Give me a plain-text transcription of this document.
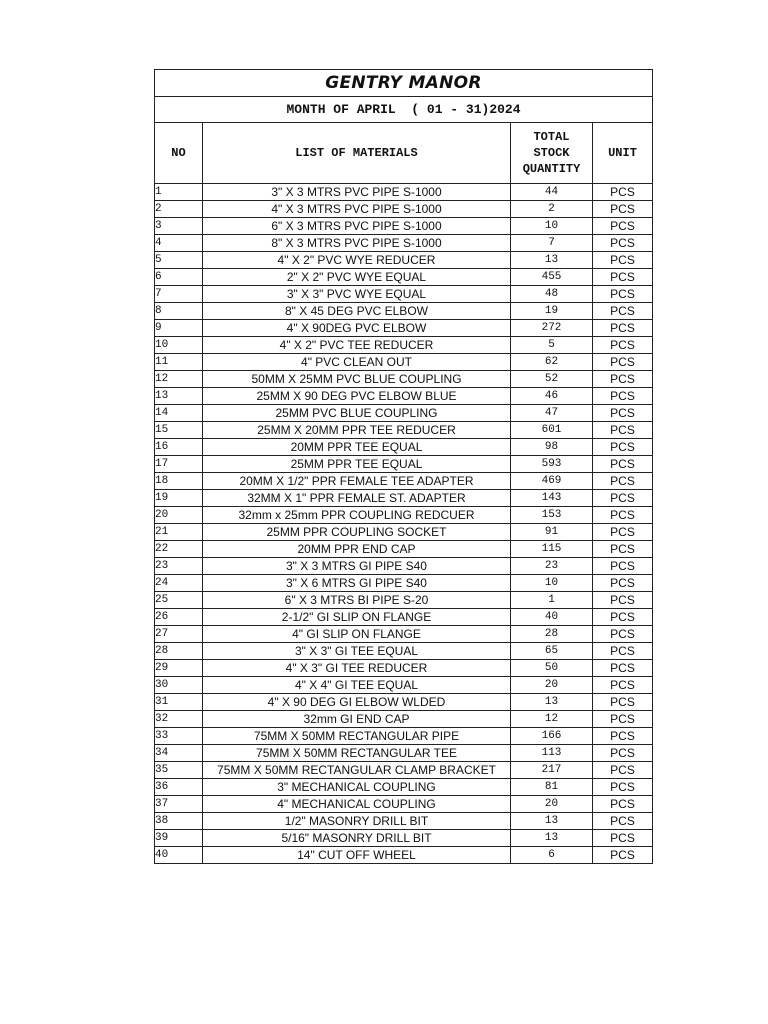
GENTRY MANOR			
MONTH OF APRIL  ( 01 - 31)2024			
NO	LIST OF MATERIALS	TOTAL STOCK QUANTITY	UNIT
1	3" X 3 MTRS PVC PIPE S-1000	44	PCS
2	4" X 3 MTRS PVC PIPE S-1000	2	PCS
3	6" X 3 MTRS PVC PIPE S-1000	10	PCS
4	8" X 3 MTRS PVC PIPE S-1000	7	PCS
5	4" X 2" PVC WYE REDUCER	13	PCS
6	2" X 2" PVC WYE EQUAL	455	PCS
7	3" X 3" PVC WYE EQUAL	48	PCS
8	8" X 45 DEG PVC ELBOW	19	PCS
9	4" X 90DEG PVC ELBOW	272	PCS
10	4" X 2" PVC TEE REDUCER	5	PCS
11	4" PVC CLEAN OUT	62	PCS
12	50MM X 25MM PVC BLUE COUPLING	52	PCS
13	25MM X 90 DEG PVC ELBOW BLUE	46	PCS
14	25MM PVC BLUE COUPLING	47	PCS
15	25MM X 20MM PPR TEE REDUCER	601	PCS
16	20MM PPR TEE EQUAL	98	PCS
17	25MM PPR TEE EQUAL	593	PCS
18	20MM X 1/2" PPR FEMALE TEE ADAPTER	469	PCS
19	32MM X 1" PPR FEMALE ST. ADAPTER	143	PCS
20	32mm x 25mm PPR COUPLING REDCUER	153	PCS
21	25MM PPR COUPLING SOCKET	91	PCS
22	20MM PPR END CAP	115	PCS
23	3" X 3 MTRS GI PIPE S40	23	PCS
24	3" X 6 MTRS GI PIPE S40	10	PCS
25	6" X 3 MTRS BI PIPE S-20	1	PCS
26	2-1/2" GI SLIP ON FLANGE	40	PCS
27	4" GI SLIP ON FLANGE	28	PCS
28	3" X 3" GI TEE EQUAL	65	PCS
29	4" X 3" GI TEE REDUCER	50	PCS
30	4" X 4" GI TEE EQUAL	20	PCS
31	4" X 90 DEG GI ELBOW WLDED	13	PCS
32	32mm GI END CAP	12	PCS
33	75MM X 50MM RECTANGULAR PIPE	166	PCS
34	75MM X 50MM RECTANGULAR TEE	113	PCS
35	75MM X 50MM RECTANGULAR CLAMP BRACKET	217	PCS
36	3" MECHANICAL COUPLING	81	PCS
37	4" MECHANICAL COUPLING	20	PCS
38	1/2" MASONRY DRILL BIT	13	PCS
39	5/16" MASONRY DRILL BIT	13	PCS
40	14" CUT OFF WHEEL	6	PCS
